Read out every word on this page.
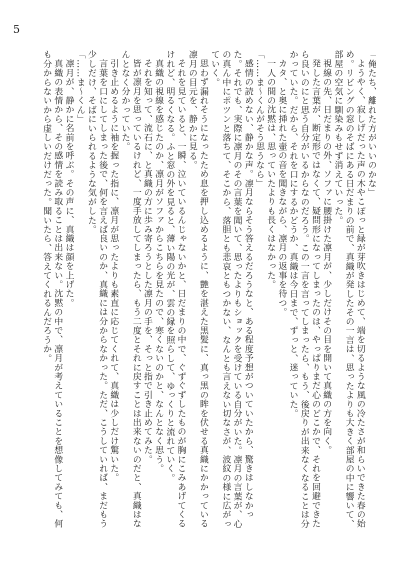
5

「俺たち、離れた方がいいのかな」

ようやく、寂しげだった声の木やこぽっと緑が芽吹きはじめて、端を切るような風の冷たさが和らいできた春の始め。リビングの窓のそばにある日だまりの前で、真織が発したその一言は、思ったよりも大きく部屋の中に響いて、部屋の空気に馴染みもせず消えていった。

視線の先、日だまりの外、ソファに腰掛けた凛月が、少しだけその目を開いて真織の方を向く。

発した言葉が、断定形ではなくて、疑問形になってしまったのは、やっぱりまだ心のどこかで、それを回避できたら良いのにと思う自分がいるからなのだろう。この一言を言ってしまったら、もう、後戻りが出来なくなることは分かっていた。だから、それを口にするかどうか、真織は今日まで、ずっと、迷っていた。

カタ、と奥に挿れた壷の音を聞きながら、凛月の返事を待つ。

一人の間の沈黙は、思っていたよりも長くはなかった。

「……ま～くんがそう思うなら」

感情の読めない、静かな声。凛月ならそう答えるだろうなと、ある程度予想がついていたから、驚きはしなかった。それでも、実際に凛月のその言葉を聞いて、思ったよりもショックを受けている自分がいた。凛月の言葉が、心の真ん中にポツンと落ちて、そこから、落胆とも悲哀ともつかない、なんとも言えない切なさが、波紋の様に広がっていく。

思わず漏れそうになったため息を押し込めるように、艶を湛えた黒髪に、真っ黒の眸を伏せる真織にかかっている凛月の目元を、静かに見る。

それを見ていると、一瞬、泣いているんじゃないかと、日だまりの中で、ぐずぐずしたものが胸にこみあげてくるけれど、明るくなる。ふと窓の外を見ると、薄い陽の光が、雲の縁を照らして、ゆっくりと流れていく。

真織の視線を感じたのか、凛月がソファからこちらを見たので、寒くないのかと、なんとなく思う。

それを知って、流石に、と真織の方に歩み寄ろうとした凛月の手を、そっと指で引き止めてみた。

皆が凛月を思っているけれど、一度手放してしまったら、もう二度とそれに戻すことは出来ないのだと、真織はなんとなく分かっていた。

引き止めるように袖を握った指に、凛月が思ったよりも素直に応じてくれて、真織は少しだけ驚いた。

言葉を口にしてしまった後で、何を言えば良いのか、真織には分からなかった。ただ、こうしていれば、まだもう少しだけ、そばにいられるような気がした。

「……ま～くん」

凛月が、静かに名前を呼ぶ。その声に、真織は顔を上げた。

真織の表情から、その感情を読み取ることは出来ない。沈黙の中で、凛月が考えていることを想像してみても、何も分からないから虚しいだけだった。聞いたら、答えてくれるんだろうか。
